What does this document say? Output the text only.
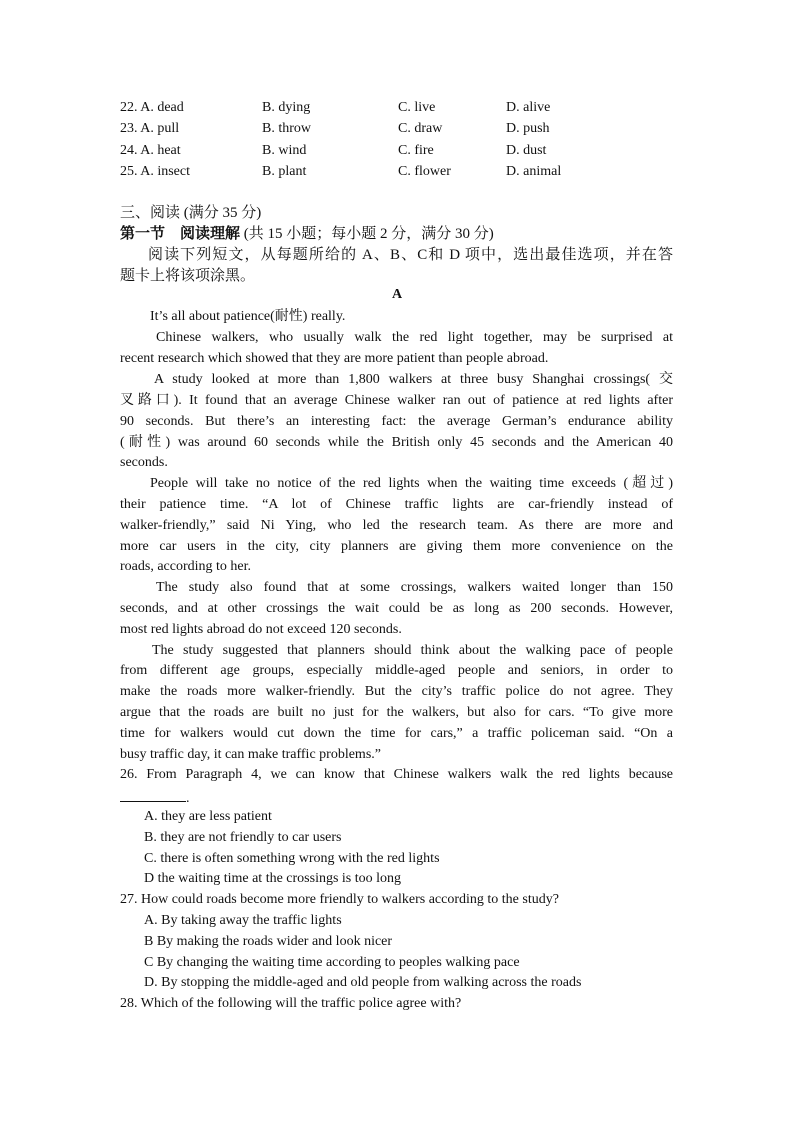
22. A. dead	B. dying	C. live	D. alive
23. A. pull	B. throw	C. draw	D. push
24. A. heat	B. wind	C. fire	D. dust
25. A. insect	B. plant	C. flower	D. animal
三、阅读 (满分 35 分)
第一节　阅读理解 (共 15 小题；每小题 2 分，满分 30 分)
阅读下列短文，从每题所给的 A、B、C和 D 项中，选出最佳选项，并在答
题卡上将该项涂黑。
A
It’s all about patience(耐性) really.
Chinese walkers, who usually walk the red light together, may be surprised at
recent research which showed that they are more patient than people abroad.
A study looked at more than 1,800 walkers at three busy Shanghai crossings( 交
叉路口). It found that an average Chinese walker ran out of patience at red lights after
90 seconds. But there’s an interesting fact: the average German’s endurance ability
(耐性) was around 60 seconds while the British only 45 seconds and the American 40
seconds.
People will take no notice of the red lights when the waiting time exceeds (超过)
their patience time. “A lot of Chinese traffic lights are car-friendly instead of
walker-friendly,” said Ni Ying, who led the research team. As there are more and
more car users in the city, city planners are giving them more convenience on the
roads, according to her.
The study also found that at some crossings, walkers waited longer than 150
seconds, and at other crossings the wait could be as long as 200 seconds. However,
most red lights abroad do not exceed 120 seconds.
The study suggested that planners should think about the walking pace of people
from different age groups, especially middle-aged people and seniors, in order to
make the roads more walker-friendly. But the city’s traffic police do not agree. They
argue that the roads are built no just for the walkers, but also for cars. “To give more
time for walkers would cut down the time for cars,” a traffic policeman said. “On a
busy traffic day, it can make traffic problems.”
26. From Paragraph 4, we can know that Chinese walkers walk the red lights because
.
A. they are less patient
B. they are not friendly to car users
C. there is often something wrong with the red lights
D the waiting time at the crossings is too long
27. How could roads become more friendly to walkers according to the study?
A. By taking away the traffic lights
B By making the roads wider and look nicer
C By changing the waiting time according to peoples walking pace
D. By stopping the middle-aged and old people from walking across the roads
28. Which of the following will the traffic police agree with?
